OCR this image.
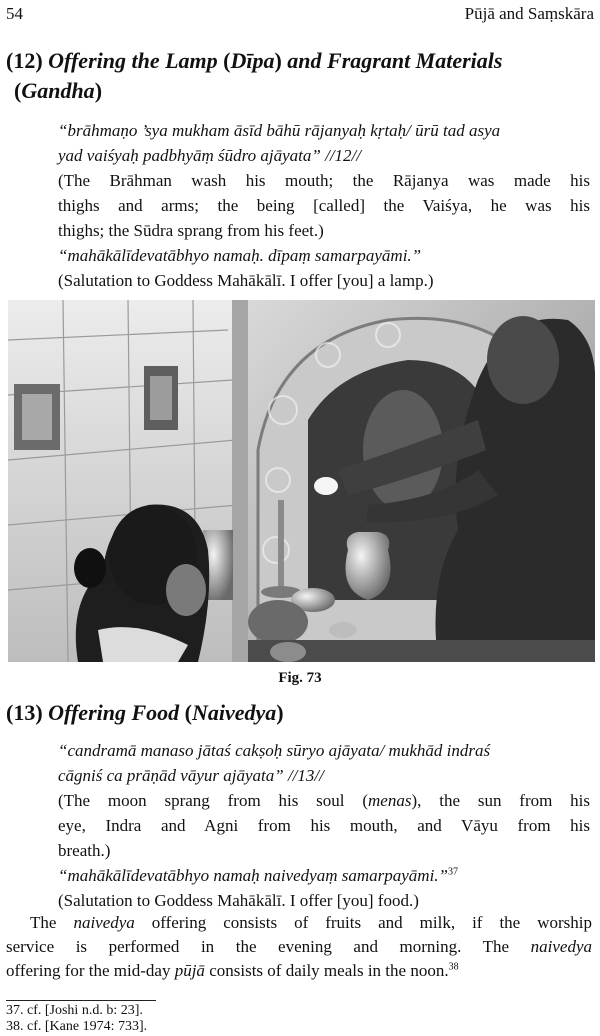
54	Pūjā and Saṃskāra
(12) Offering the Lamp (Dīpa) and Fragrant Materials
(Gandha)
“brāhmaṇo ’sya mukham āsīd bāhū rājanyaḥ kṛtaḥ/ ūrū tad asya
yad vaiśyaḥ padbhyāṃ śūdro ajāyata” //12//
(The Brāhman wash his mouth; the Rājanya was made his
thighs and arms; the being [called] the Vaiśya, he was his
thighs; the Sūdra sprang from his feet.)
“mahākālīdevatābhyo namaḥ. dīpaṃ samarpayāmi.”
(Salutation to Goddess Mahākālī. I offer [you] a lamp.)
Fig. 73
(13) Offering Food (Naivedya)
“candramā manaso jātaś cakṣoḥ sūryo ajāyata/ mukhād indraś
cāgniś ca prāṇād vāyur ajāyata” //13//
(The moon sprang from his soul (menas), the sun from his
eye, Indra and Agni from his mouth, and Vāyu from his
breath.)
“mahākālīdevatābhyo namaḥ naivedyaṃ samarpayāmi.”$^{37}$
(Salutation to Goddess Mahākālī. I offer [you] food.)
The naivedya offering consists of fruits and milk, if the worship
service is performed in the evening and morning. The naivedya
offering for the mid-day pūjā consists of daily meals in the noon.$^{38}$
37. cf. [Joshi n.d. b: 23].
38. cf. [Kane 1974: 733].
